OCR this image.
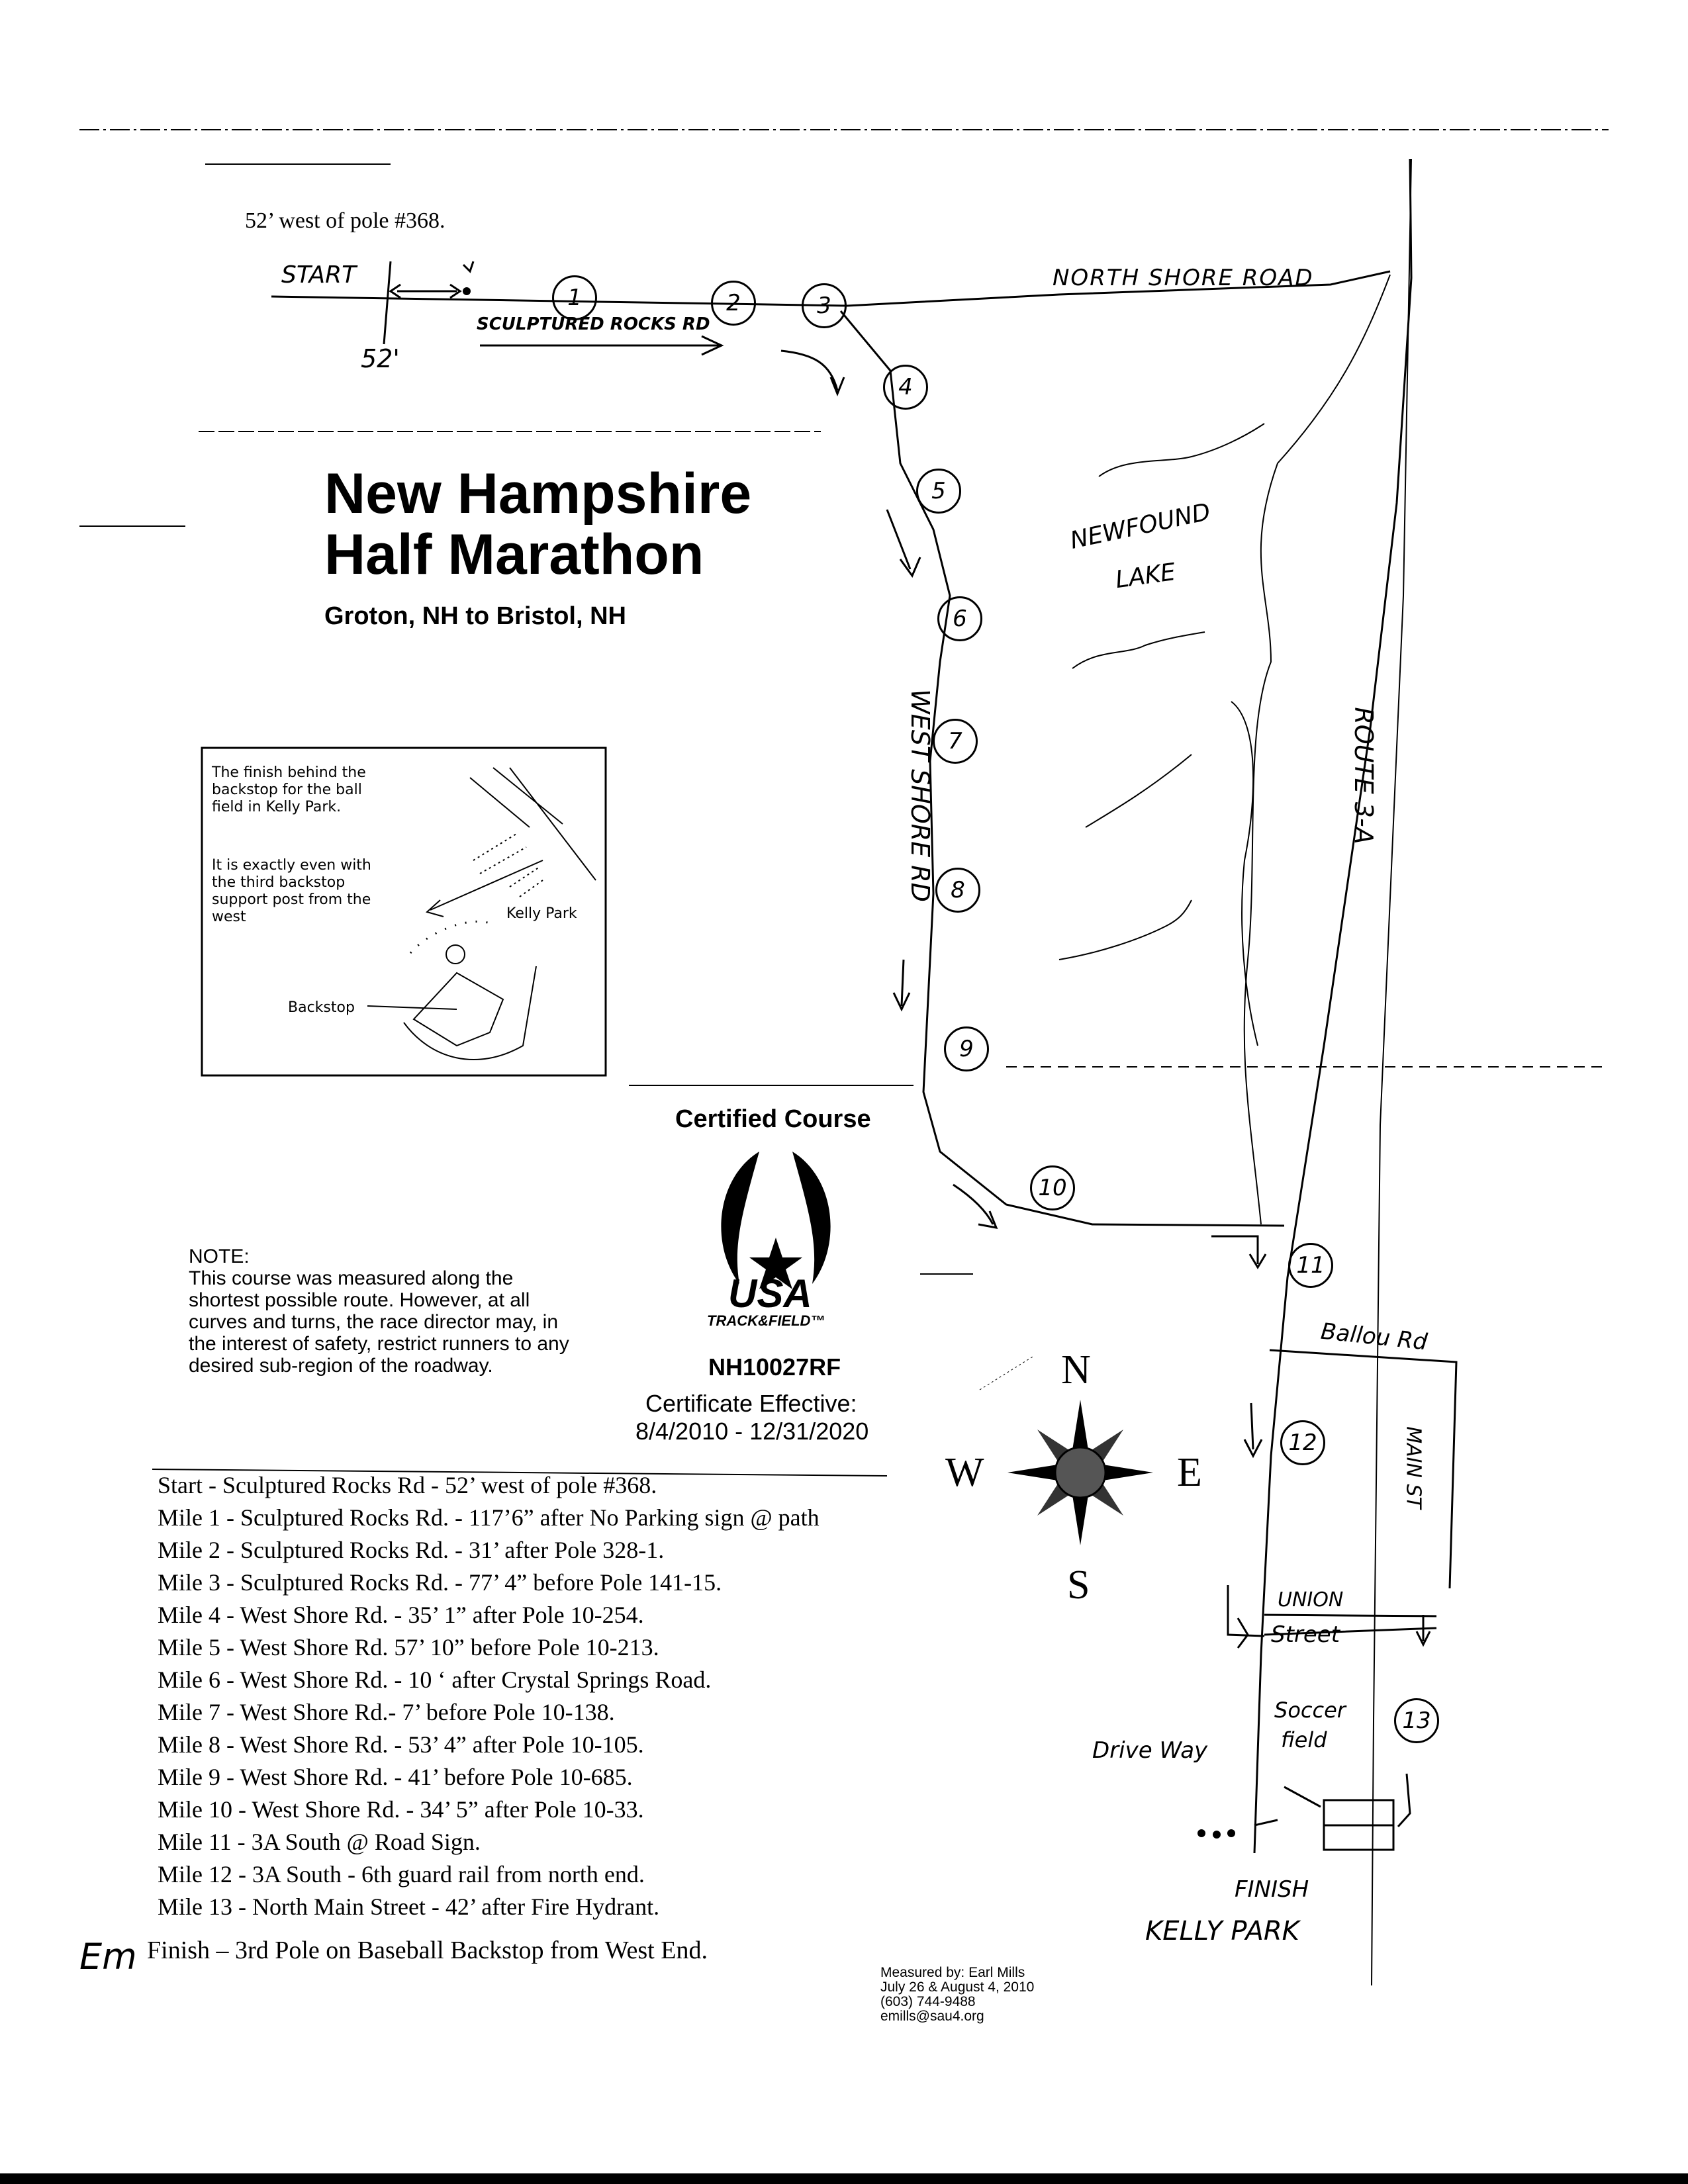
52’ west of pole #368.
START
52'
SCULPTURED ROCKS RD
NORTH SHORE ROAD
NEWFOUND
LAKE
WEST SHORE RD	ROUTE 3-A
Ballou Rd
MAIN ST
UNION
Street
Soccer
field
Drive Way
FINISH
KELLY PARK
1	2	3
4
5
6
7
8
9
10
11
12
13
New Hampshire
Half Marathon
Groton, NH to Bristol, NH
The finish behind the backstop for the ball field in Kelly Park.
It is exactly even with the third backstop support post from the west	Kelly Park
Backstop
Certified Course
USA
TRACK&FIELD™
NH10027RF
Certificate Effective:
8/4/2010 - 12/31/2020
NOTE:
This course was measured along the shortest possible route. However, at all curves and turns, the race director may, in the interest of safety, restrict runners to any desired sub-region of the roadway.	N
S
E
W
Start - Sculptured Rocks Rd - 52’ west of pole #368.
Mile 1 - Sculptured Rocks Rd. - 117’6” after No Parking sign @ path
Mile 2 - Sculptured Rocks Rd. - 31’ after Pole 328-1.
Mile 3 - Sculptured Rocks Rd. - 77’ 4” before Pole 141-15.
Mile 4 - West Shore Rd. - 35’ 1” after Pole 10-254.
Mile 5 - West Shore Rd. 57’ 10” before Pole 10-213.
Mile 6 - West Shore Rd. - 10 ‘ after Crystal Springs Road.
Mile 7 - West Shore Rd.- 7’ before Pole 10-138.
Mile 8 - West Shore Rd. - 53’ 4” after Pole 10-105.
Mile 9 - West Shore Rd. - 41’ before Pole 10-685.
Mile 10 - West Shore Rd. - 34’ 5” after Pole 10-33.
Mile 11 - 3A South @ Road Sign.
Mile 12 - 3A South - 6th guard rail from north end.
Mile 13 - North Main Street - 42’ after Fire Hydrant.
Finish – 3rd Pole on Baseball Backstop from West End.
Em	Measured by: Earl Mills
July 26 & August 4, 2010
(603) 744-9488
emills@sau4.org
